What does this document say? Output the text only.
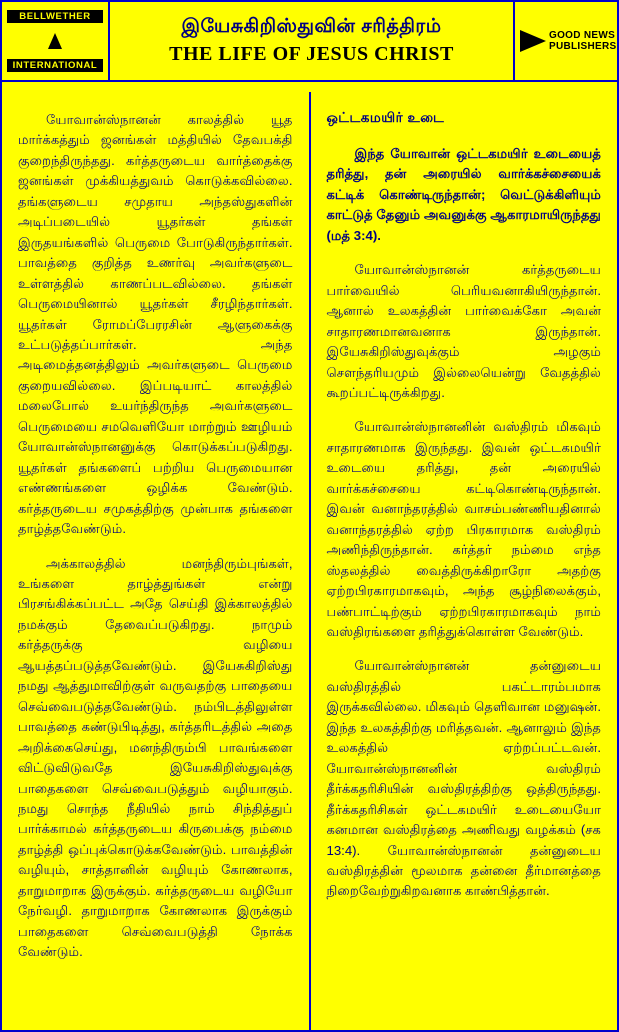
BELLWETHER
INTERNATIONAL
இயேசுகிறிஸ்துவின் சரித்திரம்
THE LIFE OF JESUS CHRIST
GOOD NEWS
PUBLISHERS

யோவான்ஸ்நானன் காலத்தில் யூத மார்க்கத்தும் ஜனங்கள் மத்தியில் தேவபக்தி குறைந்திருந்தது. கர்த்தருடைய வார்த்தைக்கு ஜனங்கள் முக்கியத்துவம் கொடுக்கவில்லை. தங்களுடைய சமுதாய அந்தஸ்துகளின் அடிப்படையில் யூதர்கள் தங்கள் இருதயங்களில் பெருமை போடுகிருந்தார்கள். பாவத்தை குறித்த உணர்வு அவர்களுடை உள்ளத்தில் காணப்படவில்லை. தங்கள் பெருமையினால் யூதர்கள் சீரழிந்தார்கள். யூதர்கள் ரோமப்பேரரசின் ஆளுகைக்கு உட்படுத்தப்பார்கள். அந்த அடிமைத்தனத்திலும் அவர்களுடை பெருமை குறையவில்லை. இப்படியாட் காலத்தில் மலைபோல் உயர்ந்திருந்த அவர்களுடை பெருமையை சமவெளியோ மாற்றும் ஊழியம் யோவான்ஸ்நானனுக்கு கொடுக்கப்படுகிறது. யூதர்கள் தங்களைப் பற்றிய பெருமையான எண்ணங்களை ஒழிக்க வேண்டும். கர்த்தருடைய சமுகத்திற்கு முன்பாக தங்களை தாழ்த்தவேண்டும்.

அக்காலத்தில் மனந்திரும்புங்கள், உங்களை தாழ்த்துங்கள் என்று பிரசங்கிக்கப்பட்ட அதே செய்தி இக்காலத்தில் நமக்கும் தேவைப்படுகிறது. நாமும் கர்த்தருக்கு வழியை ஆயத்தப்படுத்தவேண்டும். இயேசுகிறிஸ்து நமது ஆத்துமாவிற்குள் வருவதற்கு பாதையை செவ்வைபடுத்தவேண்டும். நம்பிடத்திலுள்ள பாவத்தை கண்டுபிடித்து, கர்த்தரிடத்தில் அதை அறிக்கைசெய்து, மனந்திரும்பி பாவங்களை விட்டுவிடுவதே இயேசுகிறிஸ்துவுக்கு பாதைகளை செவ்வைபடுத்தும் வழியாகும். நமது சொந்த நீதியில் நாம் சிந்தித்துப் பார்க்காமல் கர்த்தருடைய கிருபைக்கு நம்மை தாழ்த்தி ஒப்புக்கொடுக்கவேண்டும். பாவத்தின் வழியும், சாத்தானின் வழியும் கோணலாக, தாறுமாறாக இருக்கும். கர்த்தருடைய வழியோ நேர்வழி. தாறுமாறாக கோணலாக இருக்கும் பாதைகளை செவ்வைபடுத்தி நோக்க வேண்டும்.

ஒட்டகமயிர் உடை

இந்த யோவான் ஒட்டகமயிர் உடையைத் தரித்து, தன் அரையில் வார்க்கச்சையைக் கட்டிக் கொண்டிருந்தான்; வெட்டுக்கிளியும் காட்டுத் தேனும் அவனுக்கு ஆகாரமாயிருந்தது (மத் 3:4).

யோவான்ஸ்நானன் கர்த்தருடைய பார்வையில் பெரியவனாகியிருந்தான். ஆனால் உலகத்தின் பார்வைக்கோ அவன் சாதாரணமானவனாக இருந்தான். இயேசுகிறிஸ்துவுக்கும் அழகும் சௌந்தரியமும் இல்லையென்று வேதத்தில் கூறப்பட்டிருக்கிறது.

யோவான்ஸ்நானனின் வஸ்திரம் மிகவும் சாதாரணமாக இருந்தது. இவன் ஒட்டகமயிர் உடையை தரித்து, தன் அரையில் வார்க்கச்சையை கட்டிகொண்டிருந்தான். இவன் வனாந்தரத்தில் வாசம்பண்ணியதினால் வனாந்தரத்தில் ஏற்ற பிரகாரமாக வஸ்திரம் அணிந்திருந்தான். கர்த்தர் நம்மை எந்த ஸ்தலத்தில் வைத்திருக்கிறாரோ அதற்கு ஏற்றபிரகாரமாகவும், அந்த சூழ்நிலைக்கும், பண்பாட்டிற்கும் ஏற்றபிரகாரமாகவும் நாம் வஸ்திரங்களை தரித்துக்கொள்ள வேண்டும்.

யோவான்ஸ்நானன் தன்னுடைய வஸ்திரத்தில் பகட்டாரம்பமாக இருக்கவில்லை. மிகவும் தெளிவான மனுஷன். இந்த உலகத்திற்கு மரித்தவன். ஆனாலும் இந்த உலகத்தில் ஏற்றப்பட்டவன். யோவான்ஸ்நானனின் வஸ்திரம் தீர்க்கதரிசியின் வஸ்திரத்திற்கு ஒத்திருந்தது. தீர்க்கதரிசிகள் ஒட்டகமயிர் உடையையோ கனமான வஸ்திரத்தை அணிவது வழக்கம் (சக 13:4). யோவான்ஸ்நானன் தன்னுடைய வஸ்திரத்தின் மூலமாக தன்னை தீர்மானத்தை நிறைவேற்றுகிறவனாக காண்பித்தான்.
